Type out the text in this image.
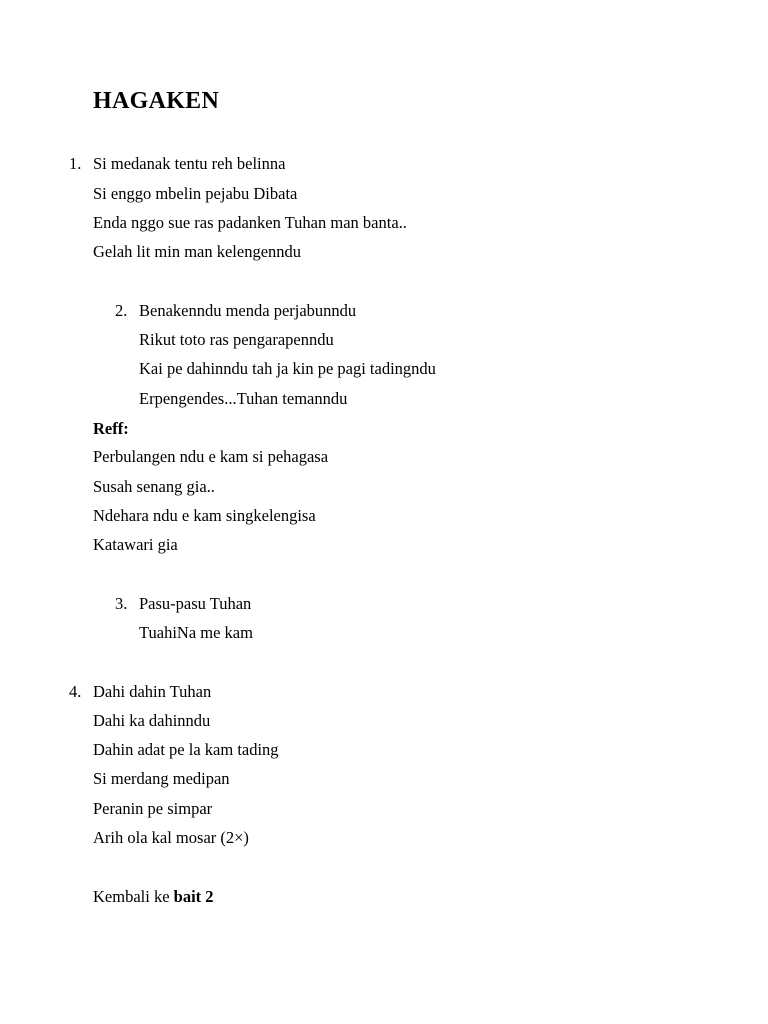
HAGAKEN
1. Si medanak tentu reh belinna
Si enggo mbelin pejabu Dibata
Enda nggo sue ras padanken Tuhan man banta..
Gelah lit min man kelengenndu
2. Benakenndu menda perjabunndu
Rikut toto ras pengarapenndu
Kai pe dahinndu tah ja kin pe pagi tadingndu
Erpengendes...Tuhan temanndu
Reff:
Perbulangen ndu e kam si pehagasa
Susah senang gia..
Ndehara ndu e kam singkelengisa
Katawari gia
3. Pasu-pasu Tuhan
TuahiNa me kam
4. Dahi dahin Tuhan
Dahi ka dahinndu
Dahin adat pe la kam tading
Si merdang medipan
Peranin pe simpar
Arih ola kal mosar (2×)
Kembali ke bait 2
